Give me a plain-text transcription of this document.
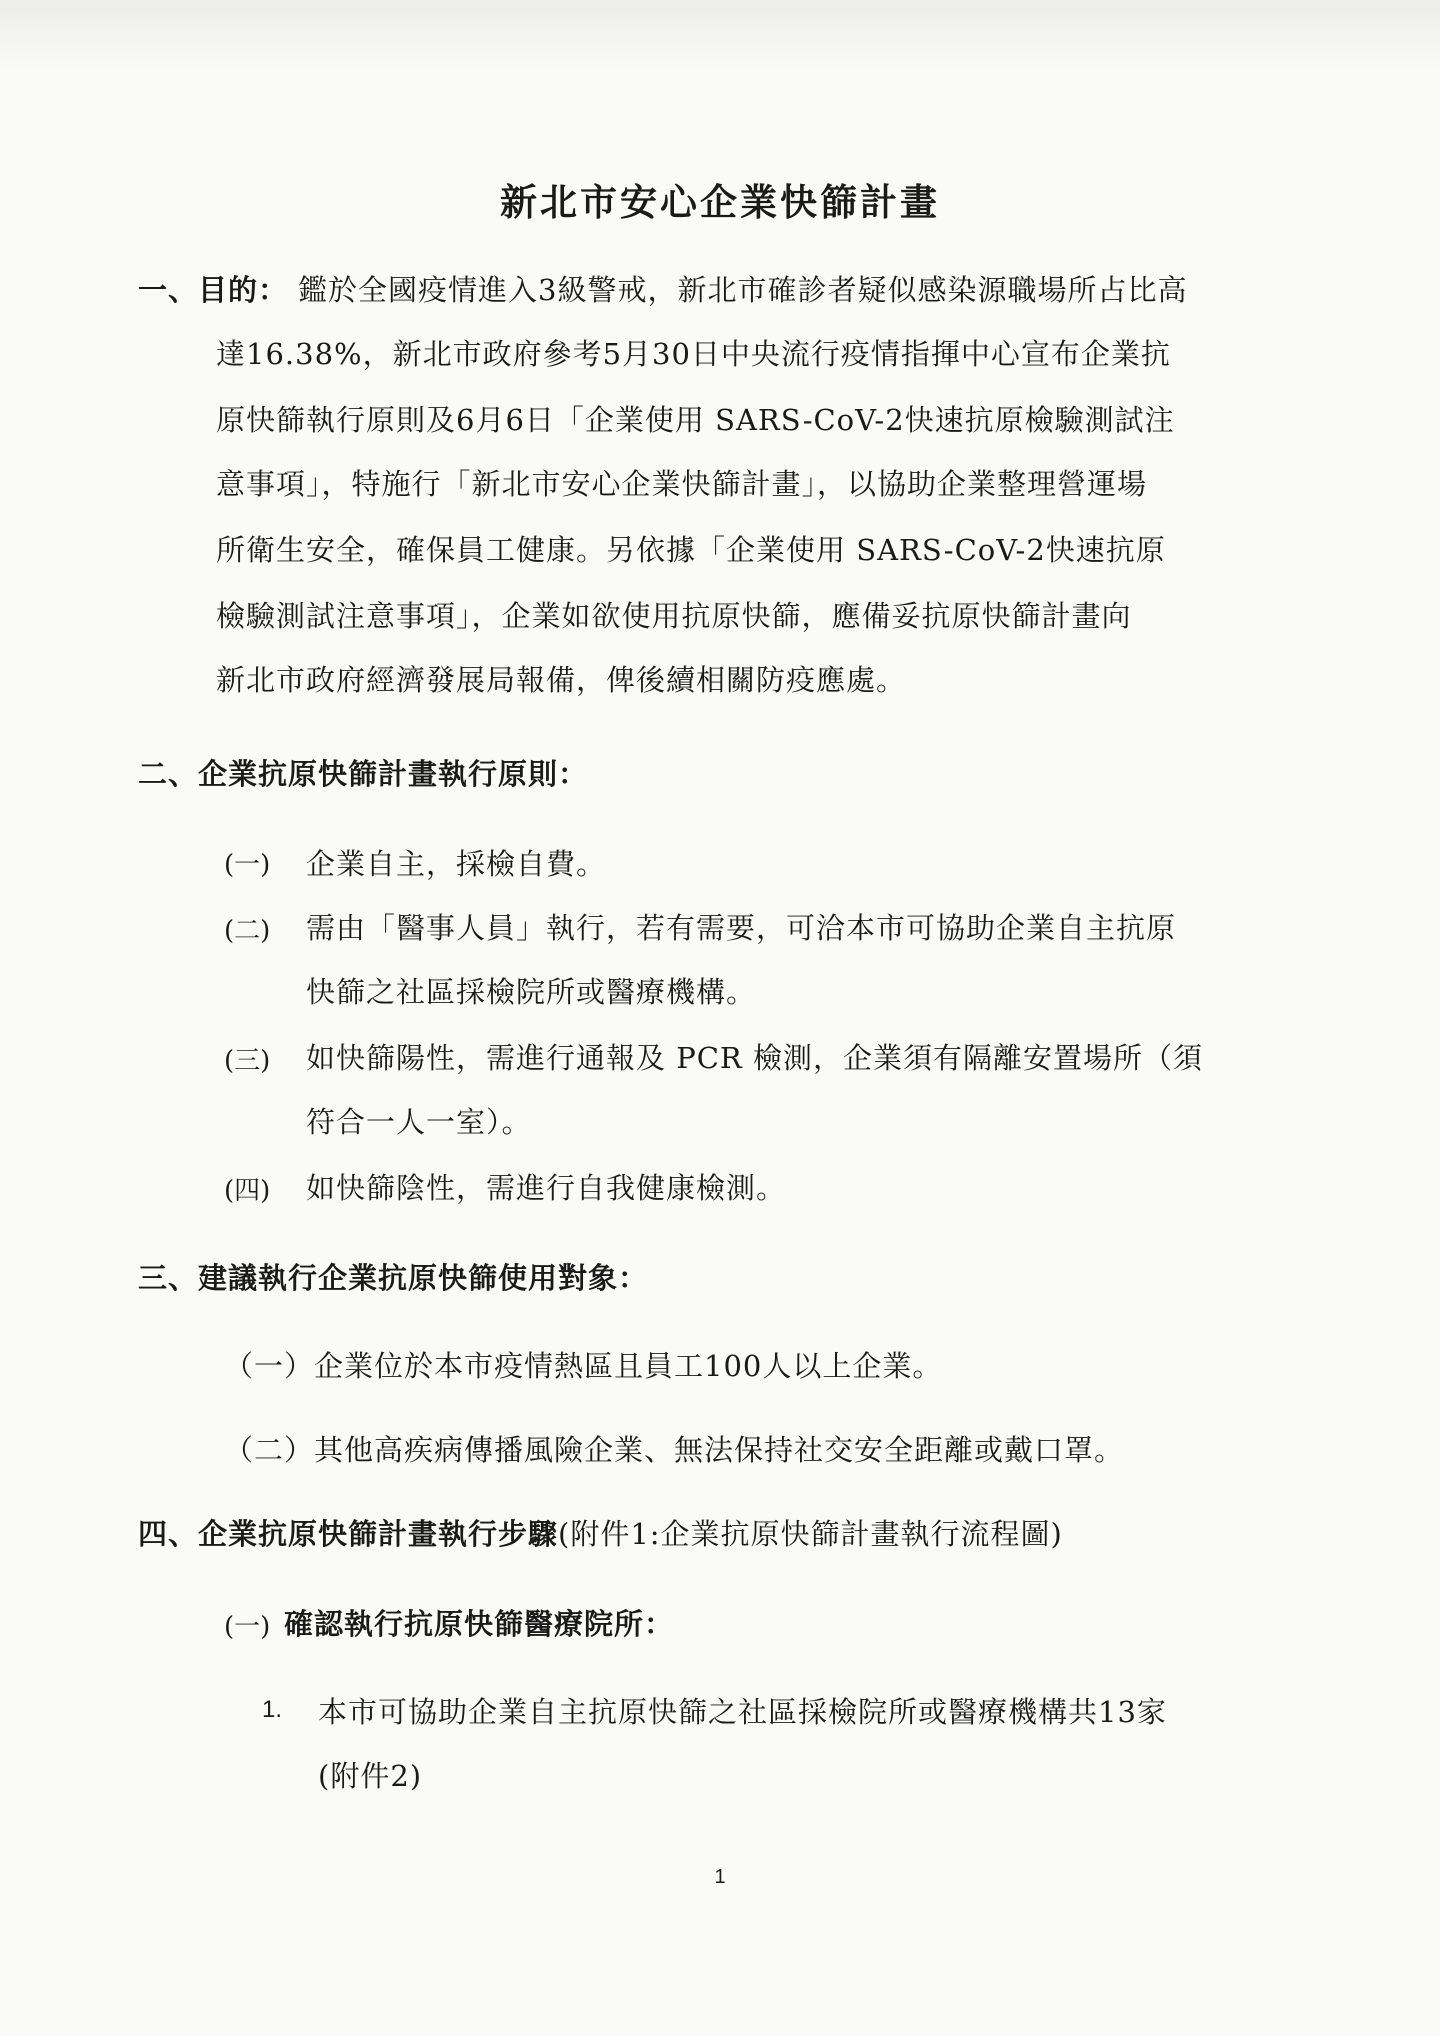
新北市安心企業快篩計畫
一、目的： 鑑於全國疫情進入3級警戒，新北市確診者疑似感染源職場所占比高
達16.38%，新北市政府參考5月30日中央流行疫情指揮中心宣布企業抗
原快篩執行原則及6月6日「企業使用 SARS-CoV-2快速抗原檢驗測試注
意事項」，特施行「新北市安心企業快篩計畫」，以協助企業整理營運場
所衛生安全，確保員工健康。另依據「企業使用 SARS-CoV-2快速抗原
檢驗測試注意事項」，企業如欲使用抗原快篩，應備妥抗原快篩計畫向
新北市政府經濟發展局報備，俾後續相關防疫應處。
二、企業抗原快篩計畫執行原則：
(一) 企業自主，採檢自費。
(二) 需由「醫事人員」執行，若有需要，可洽本市可協助企業自主抗原
快篩之社區採檢院所或醫療機構。
(三) 如快篩陽性，需進行通報及 PCR 檢測，企業須有隔離安置場所（須
符合一人一室）。
(四) 如快篩陰性，需進行自我健康檢測。
三、建議執行企業抗原快篩使用對象：
（一）企業位於本市疫情熱區且員工100人以上企業。
（二）其他高疾病傳播風險企業、無法保持社交安全距離或戴口罩。
四、企業抗原快篩計畫執行步驟(附件1:企業抗原快篩計畫執行流程圖)
(一) 確認執行抗原快篩醫療院所：
1. 本市可協助企業自主抗原快篩之社區採檢院所或醫療機構共13家
(附件2)
1
